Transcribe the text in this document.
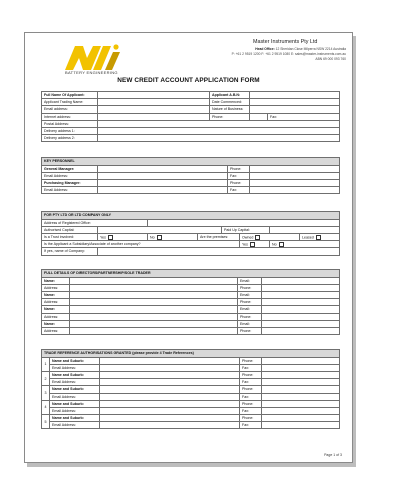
BATTERY ENGINEERING
Master Instruments Pty Ltd
Head Office: 12 Sheridan Close Milperra NSW 2214 Australia
P: +61 2 9519 1200 F: +61 2 9519 1080 E: sales@master-instruments.com.au
ABN 69 000 093 760
NEW CREDIT ACCOUNT APPLICATION FORM
Full Name Of Applicant:		Applicant A.B.N:		
Applicant Trading Name:		Date Commenced:		
Email address:		Nature of Business:		
Internet address:		Phone:		Fax:
Postal Address:				
Delivery address 1:				
Delivery address 2:				
KEY PERSONNEL			
General Manager:		Phone:	
Email Address:		Fax:	
Purchasing Manager:		Phone:	
Email Address:		Fax:	
FOR PTY LTD OR LTD COMPANY ONLY							
Address of Registered Office:							
Authorised Capital:				Paid Up Capital:			
Is a Trust involved:	Yes	No	Are the premises:		Owned		Leased
Is the Applicant a Subsidiary/Associate of another company?					Yes	No	
If yes, name of Company:							
FULL DETAILS OF DIRECTORS/PARTNERSHIP/SOLE TRADER			
Name:		Email:	
Address:		Phone:	
Name:		Email:	
Address:		Phone:	
Name:		Email:	
Address:		Phone:	
Name:		Email:	
Address:		Phone:	
TRADE REFERENCE AUTHORISATIONS GRANTED (please provide 4 Trade References)				
1	Name and Suburb:		Phone:	
	Email Address:		Fax:	
2	Name and Suburb:		Phone:	
	Email Address:		Fax:	
3	Name and Suburb:		Phone:	
	Email Address:		Fax:	
4	Name and Suburb:		Phone:	
	Email Address:		Fax:	
5	Name and Suburb:		Phone:	
	Email Address:		Fax:	
Page 1 of 3
